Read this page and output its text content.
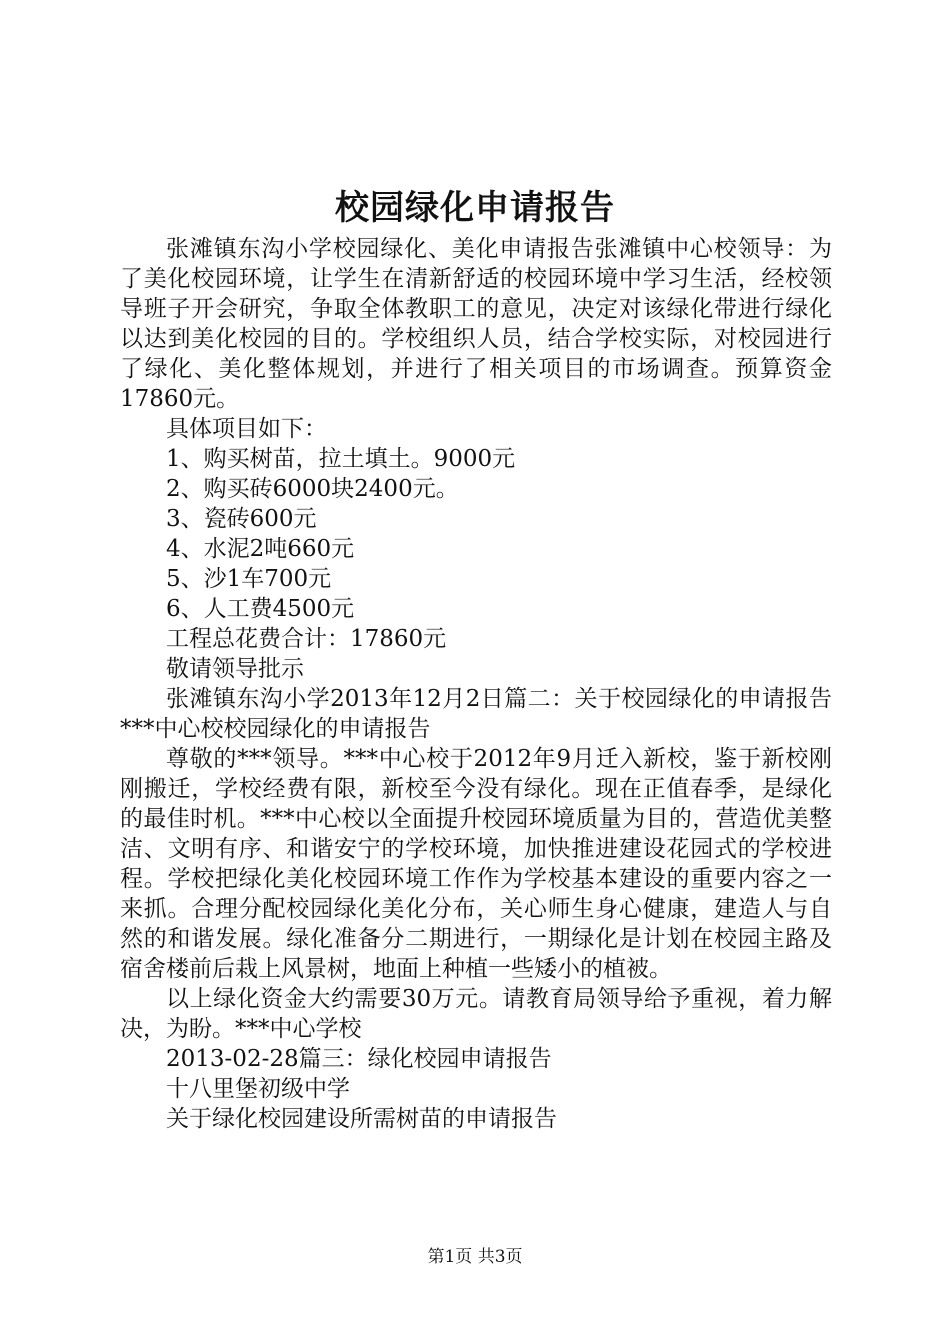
校园绿化申请报告

张滩镇东沟小学校园绿化、美化申请报告张滩镇中心校领导：为了美化校园环境，让学生在清新舒适的校园环境中学习生活，经校领导班子开会研究，争取全体教职工的意见，决定对该绿化带进行绿化以达到美化校园的目的。学校组织人员，结合学校实际，对校园进行了绿化、美化整体规划，并进行了相关项目的市场调查。预算资金17860元。

具体项目如下：

1、购买树苗，拉土填土。9000元

2、购买砖6000块2400元。

3、瓷砖600元

4、水泥2吨660元

5、沙1车700元

6、人工费4500元

工程总花费合计：17860元

敬请领导批示

张滩镇东沟小学2013年12月2日篇二：关于校园绿化的申请报告***中心校校园绿化的申请报告

尊敬的***领导。***中心校于2012年9月迁入新校，鉴于新校刚刚搬迁，学校经费有限，新校至今没有绿化。现在正值春季，是绿化的最佳时机。***中心校以全面提升校园环境质量为目的，营造优美整洁、文明有序、和谐安宁的学校环境，加快推进建设花园式的学校进程。学校把绿化美化校园环境工作作为学校基本建设的重要内容之一来抓。合理分配校园绿化美化分布，关心师生身心健康，建造人与自然的和谐发展。绿化准备分二期进行，一期绿化是计划在校园主路及宿舍楼前后栽上风景树，地面上种植一些矮小的植被。

以上绿化资金大约需要30万元。请教育局领导给予重视，着力解决，为盼。***中心学校

2013-02-28篇三：绿化校园申请报告

十八里堡初级中学

关于绿化校园建设所需树苗的申请报告

第1页 共3页
